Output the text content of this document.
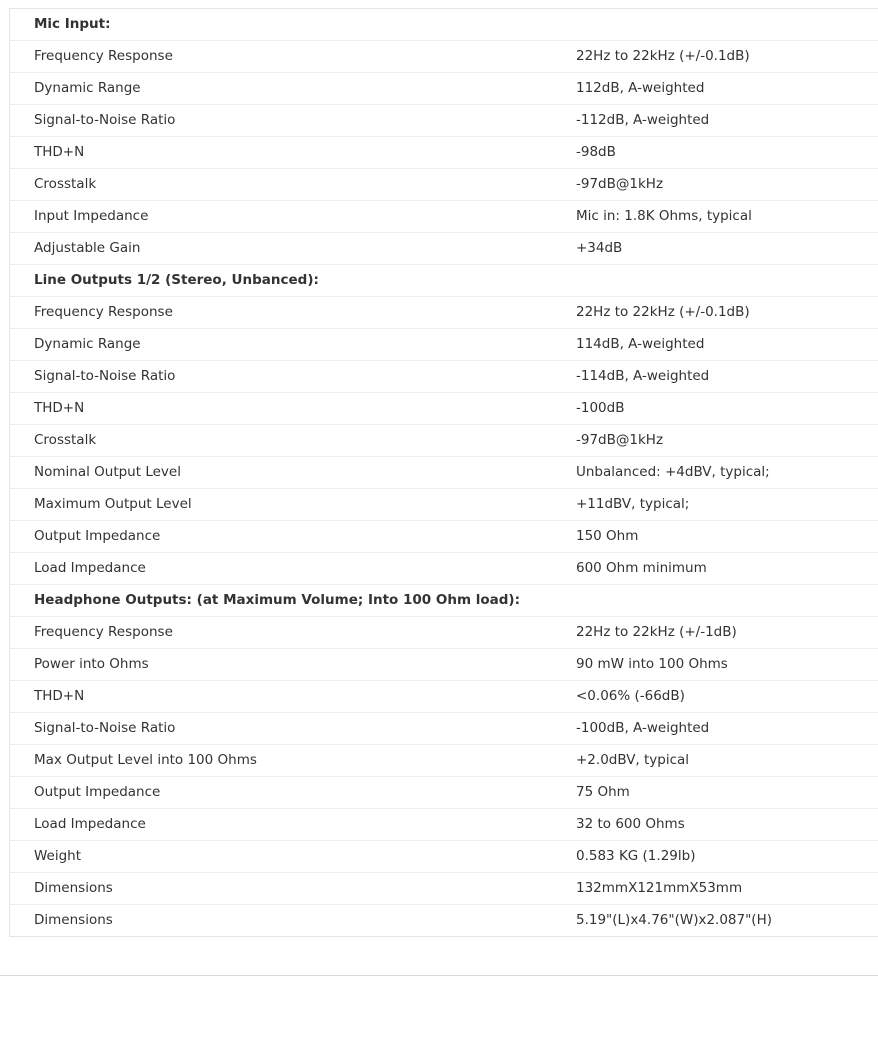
Mic Input:
Frequency Response	22Hz to 22kHz (+/-0.1dB)
Dynamic Range	112dB, A-weighted
Signal-to-Noise Ratio	-112dB, A-weighted
THD+N	-98dB
Crosstalk	-97dB@1kHz
Input Impedance	Mic in: 1.8K Ohms, typical
Adjustable Gain	+34dB
Line Outputs 1/2 (Stereo, Unbanced):
Frequency Response	22Hz to 22kHz (+/-0.1dB)
Dynamic Range	114dB, A-weighted
Signal-to-Noise Ratio	-114dB, A-weighted
THD+N	-100dB
Crosstalk	-97dB@1kHz
Nominal Output Level	Unbalanced: +4dBV, typical;
Maximum Output Level	+11dBV, typical;
Output Impedance	150 Ohm
Load Impedance	600 Ohm minimum
Headphone Outputs: (at Maximum Volume; Into 100 Ohm load):
Frequency Response	22Hz to 22kHz (+/-1dB)
Power into Ohms	90 mW into 100 Ohms
THD+N	<0.06% (-66dB)
Signal-to-Noise Ratio	-100dB, A-weighted
Max Output Level into 100 Ohms	+2.0dBV, typical
Output Impedance	75 Ohm
Load Impedance	32 to 600 Ohms
Weight	0.583 KG (1.29lb)
Dimensions	132mmX121mmX53mm
Dimensions	5.19"(L)x4.76"(W)x2.087"(H)
